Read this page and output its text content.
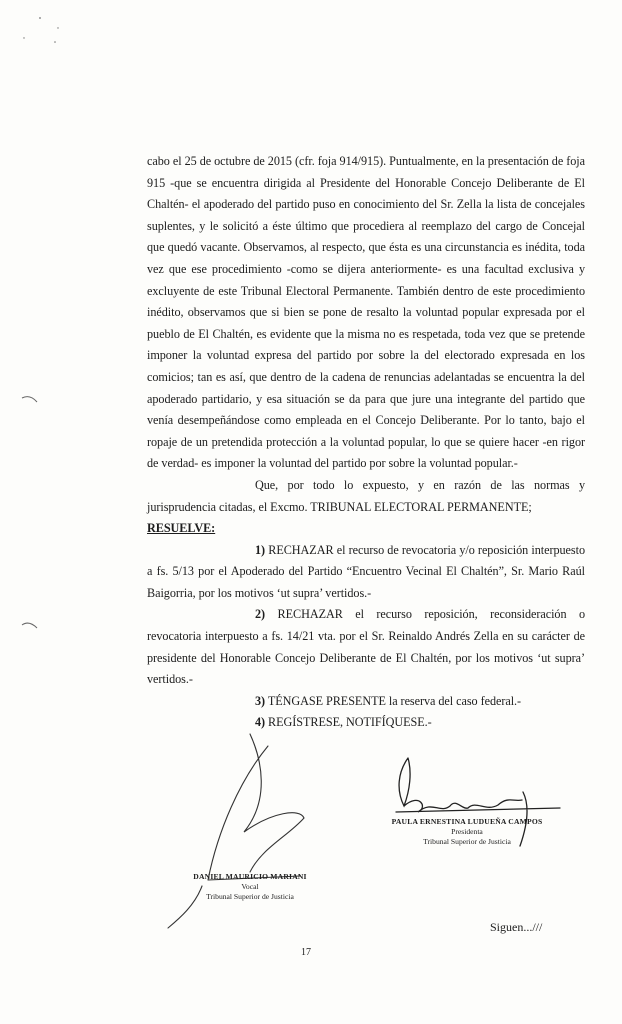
cabo el 25 de octubre de 2015 (cfr. foja 914/915). Puntualmente, en la presentación de foja 915 -que se encuentra dirigida al Presidente del Honorable Concejo Deliberante de El Chaltén- el apoderado del partido puso en conocimiento del Sr. Zella la lista de concejales suplentes, y le solicitó a éste último que procediera al reemplazo del cargo de Concejal que quedó vacante. Observamos, al respecto, que ésta es una circunstancia es inédita, toda vez que ese procedimiento -como se dijera anteriormente- es una facultad exclusiva y excluyente de este Tribunal Electoral Permanente. También dentro de este procedimiento inédito, observamos que si bien se pone de resalto la voluntad popular expresada por el pueblo de El Chaltén, es evidente que la misma no es respetada, toda vez que se pretende imponer la voluntad expresa del partido por sobre la del electorado expresada en los comicios; tan es así, que dentro de la cadena de renuncias adelantadas se encuentra la del apoderado partidario, y esa situación se da para que jure una integrante del partido que venía desempeñándose como empleada en el Concejo Deliberante. Por lo tanto, bajo el ropaje de un pretendida protección a la voluntad popular, lo que se quiere hacer -en rigor de verdad- es imponer la voluntad del partido por sobre la voluntad popular.-

Que, por todo lo expuesto, y en razón de las normas y jurisprudencia citadas, el Excmo. TRIBUNAL ELECTORAL PERMANENTE;

RESUELVE:

1) RECHAZAR el recurso de revocatoria y/o reposición interpuesto a fs. 5/13 por el Apoderado del Partido “Encuentro Vecinal El Chaltén”, Sr. Mario Raúl Baigorria, por los motivos ‘ut supra’ vertidos.-

2) RECHAZAR el recurso reposición, reconsideración o revocatoria interpuesto a fs. 14/21 vta. por el Sr. Reinaldo Andrés Zella en su carácter de presidente del Honorable Concejo Deliberante de El Chaltén, por los motivos ‘ut supra’ vertidos.-

3) TÉNGASE PRESENTE la reserva del caso federal.-

4) REGÍSTRESE, NOTIFÍQUESE.-

PAULA ERNESTINA LUDUEÑA CAMPOS
Presidenta
Tribunal Superior de Justicia
DANIEL MAURICIO MARIANI
Vocal
Tribunal Superior de Justicia
Siguen...///
17
